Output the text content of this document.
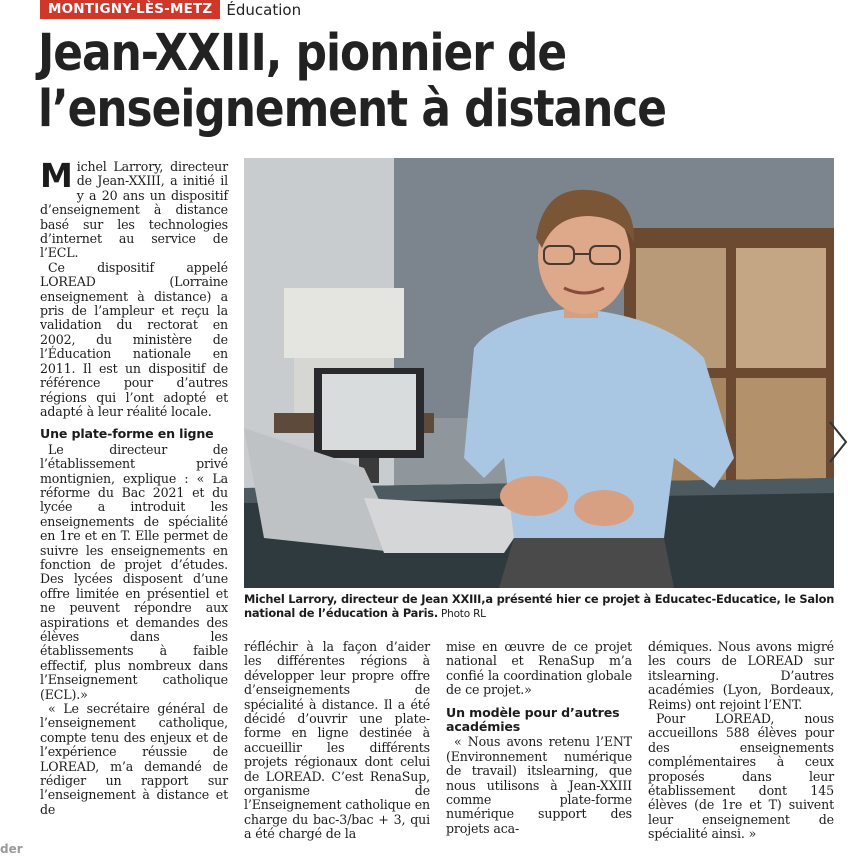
MONTIGNY-LÈS-METZ Éducation
Jean-XXIII, pionnier de
l’enseignement à distance

Michel Larrory, directeur de Jean-XXIII, a initié il y a 20 ans un dispositif d’enseignement à distance basé sur les technologies d’internet au service de l’ECL.

Ce dispositif appelé LOREAD (Lorraine enseignement à distance) a pris de l’ampleur et reçu la validation du rectorat en 2002, du ministère de l’Éducation nationale en 2011. Il est un dispositif de référence pour d’autres régions qui l’ont adopté et adapté à leur réalité locale.

Une plate-forme en ligne

Le directeur de l’établissement privé montignien, explique : « La réforme du Bac 2021 et du lycée a introduit les enseignements de spécialité en 1re et en T. Elle permet de suivre les enseignements en fonction de projet d’études. Des lycées disposent d’une offre limitée en présentiel et ne peuvent répondre aux aspirations et demandes des élèves dans les établissements à faible effectif, plus nombreux dans l’Enseignement catholique (ECL).»

« Le secrétaire général de l’enseignement catholique, compte tenu des enjeux et de l’expérience réussie de LOREAD, m’a demandé de rédiger un rapport sur l’enseignement à distance et de

Michel Larrory, directeur de Jean XXIII,a présenté hier ce projet à Educatec-Educatice, le Salon national de l’éducation à Paris. Photo RL

réfléchir à la façon d’aider les différentes régions à développer leur propre offre d’enseignements de spécialité à distance. Il a été décidé d’ouvrir une plate-forme en ligne destinée à accueillir les différents projets régionaux dont celui de LOREAD. C’est RenaSup, organisme de l’Enseignement catholique en charge du bac-3/bac + 3, qui a été chargé de la

mise en œuvre de ce projet national et RenaSup m’a confié la coordination globale de ce projet.»

Un modèle pour d’autres académies

« Nous avons retenu l’ENT (Environnement numérique de travail) itslearning, que nous utilisons à Jean-XXIII comme plate-forme numérique support des projets aca-

démiques. Nous avons migré les cours de LOREAD sur itslearning. D’autres académies (Lyon, Bordeaux, Reims) ont rejoint l’ENT.

Pour LOREAD, nous accueillons 588 élèves pour des enseignements complémentaires à ceux proposés dans leur établissement dont 145 élèves (de 1re et T) suivent leur enseignement de spécialité ainsi. »

der
